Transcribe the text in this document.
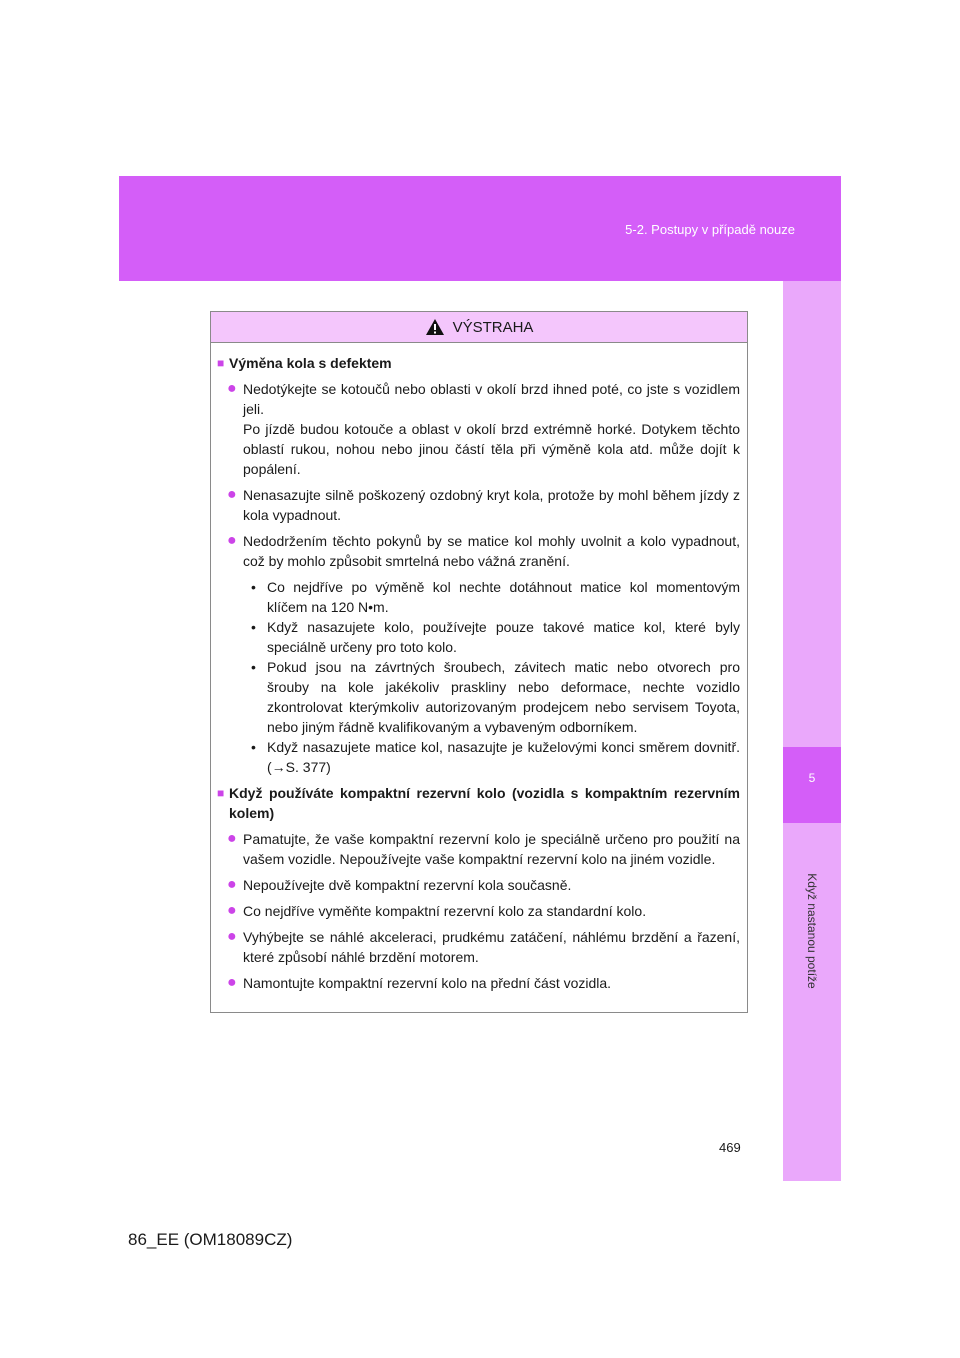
5-2. Postupy v případě nouze
5
Když nastanou potíže
VÝSTRAHA
■ Výměna kola s defektem
● Nedotýkejte se kotoučů nebo oblasti v okolí brzd ihned poté, co jste s vozidlem jeli.

Po jízdě budou kotouče a oblast v okolí brzd extrémně horké. Dotykem těchto oblastí rukou, nohou nebo jinou částí těla při výměně kola atd. může dojít k popálení.

● Nenasazujte silně poškozený ozdobný kryt kola, protože by mohl během jízdy z kola vypadnout.

● Nedodržením těchto pokynů by se matice kol mohly uvolnit a kolo vypadnout, což by mohlo způsobit smrtelná nebo vážná zranění.

• Co nejdříve po výměně kol nechte dotáhnout matice kol momentovým klíčem na 120 N•m.
• Když nasazujete kolo, používejte pouze takové matice kol, které byly speciálně určeny pro toto kolo.
• Pokud jsou na závrtných šroubech, závitech matic nebo otvorech pro šrouby na kole jakékoliv praskliny nebo deformace, nechte vozidlo zkontrolovat kterýmkoliv autorizovaným prodejcem nebo servisem Toyota, nebo jiným řádně kvalifikovaným a vybaveným odborníkem.
• Když nasazujete matice kol, nasazujte je kuželovými konci směrem dovnitř. (→S. 377)
■ Když používáte kompaktní rezervní kolo (vozidla s kompaktním rezervním kolem)
● Pamatujte, že vaše kompaktní rezervní kolo je speciálně určeno pro použití na vašem vozidle. Nepoužívejte vaše kompaktní rezervní kolo na jiném vozidle.

● Nepoužívejte dvě kompaktní rezervní kola současně.

● Co nejdříve vyměňte kompaktní rezervní kolo za standardní kolo.

● Vyhýbejte se náhlé akceleraci, prudkému zatáčení, náhlému brzdění a řazení, které způsobí náhlé brzdění motorem.

● Namontujte kompaktní rezervní kolo na přední část vozidla.

469
86_EE (OM18089CZ)
